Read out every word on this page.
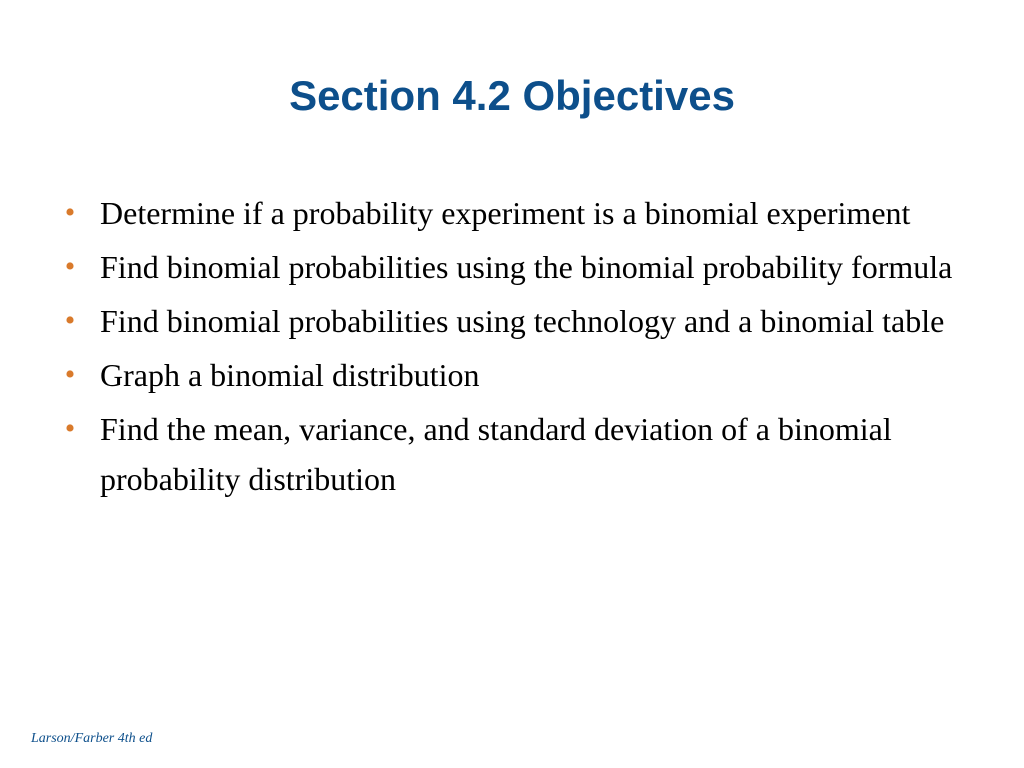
Section 4.2 Objectives
• Determine if a probability experiment is a binomial experiment
• Find binomial probabilities using the binomial probability formula
• Find binomial probabilities using technology and a binomial table
• Graph a binomial distribution
• Find the mean, variance, and standard deviation of a binomial probability distribution
Larson/Farber 4th ed
